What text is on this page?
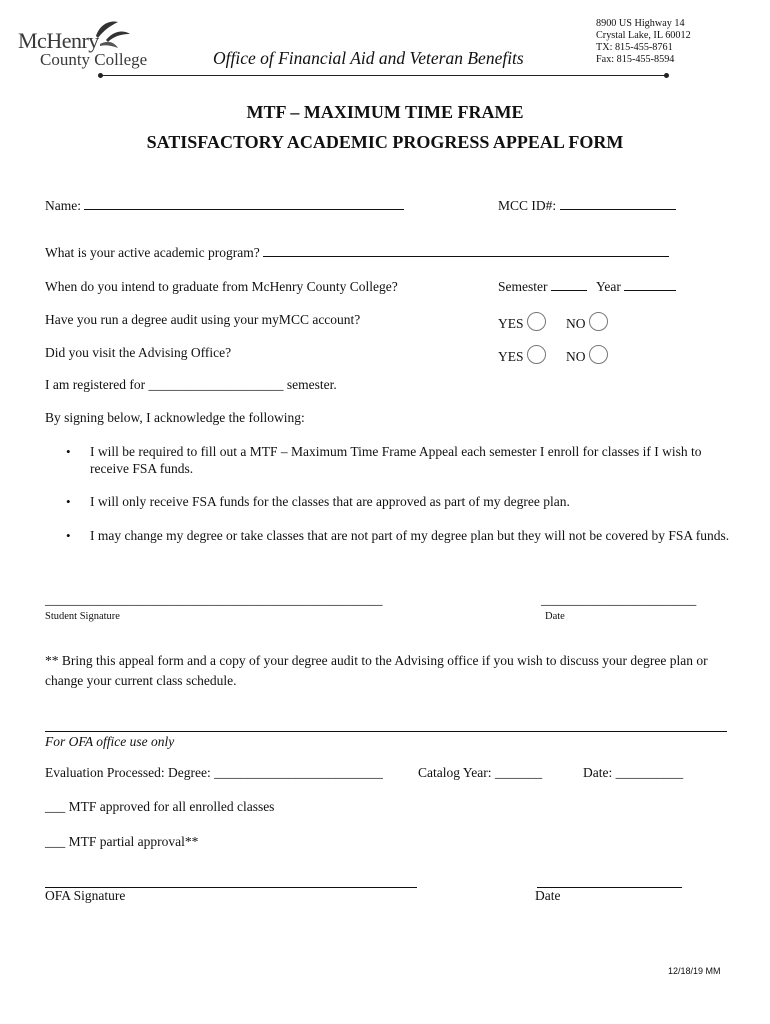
McHenry
County College	Office of Financial Aid and Veteran Benefits
8900 US Highway 14
Crystal Lake, IL 60012
TX: 815-455-8761
Fax: 815-455-8594
MTF – MAXIMUM TIME FRAME
SATISFACTORY ACADEMIC PROGRESS APPEAL FORM
Name:	MCC ID#:
What is your active academic program?
When do you intend to graduate from McHenry County College?	Semester	Year
Have you run a degree audit using your myMCC account?	YES	NO
Did you visit the Advising Office?	YES	NO
I am registered for ____________________ semester.
By signing below, I acknowledge the following:
• I will be required to fill out a MTF – Maximum Time Frame Appeal each semester I enroll for classes if I wish to receive FSA funds.
• I will only receive FSA funds for the classes that are approved as part of my degree plan.
• I may change my degree or take classes that are not part of my degree plan but they will not be covered by FSA funds.
__________________________________________________	_______________________
Student Signature	Date
** Bring this appeal form and a copy of your degree audit to the Advising office if you wish to discuss your degree plan or change your current class schedule.
For OFA office use only
Evaluation Processed: Degree: _________________________	Catalog Year: _______	Date: __________
___ MTF approved for all enrolled classes
___ MTF partial approval**
OFA Signature	Date
12/18/19 MM
